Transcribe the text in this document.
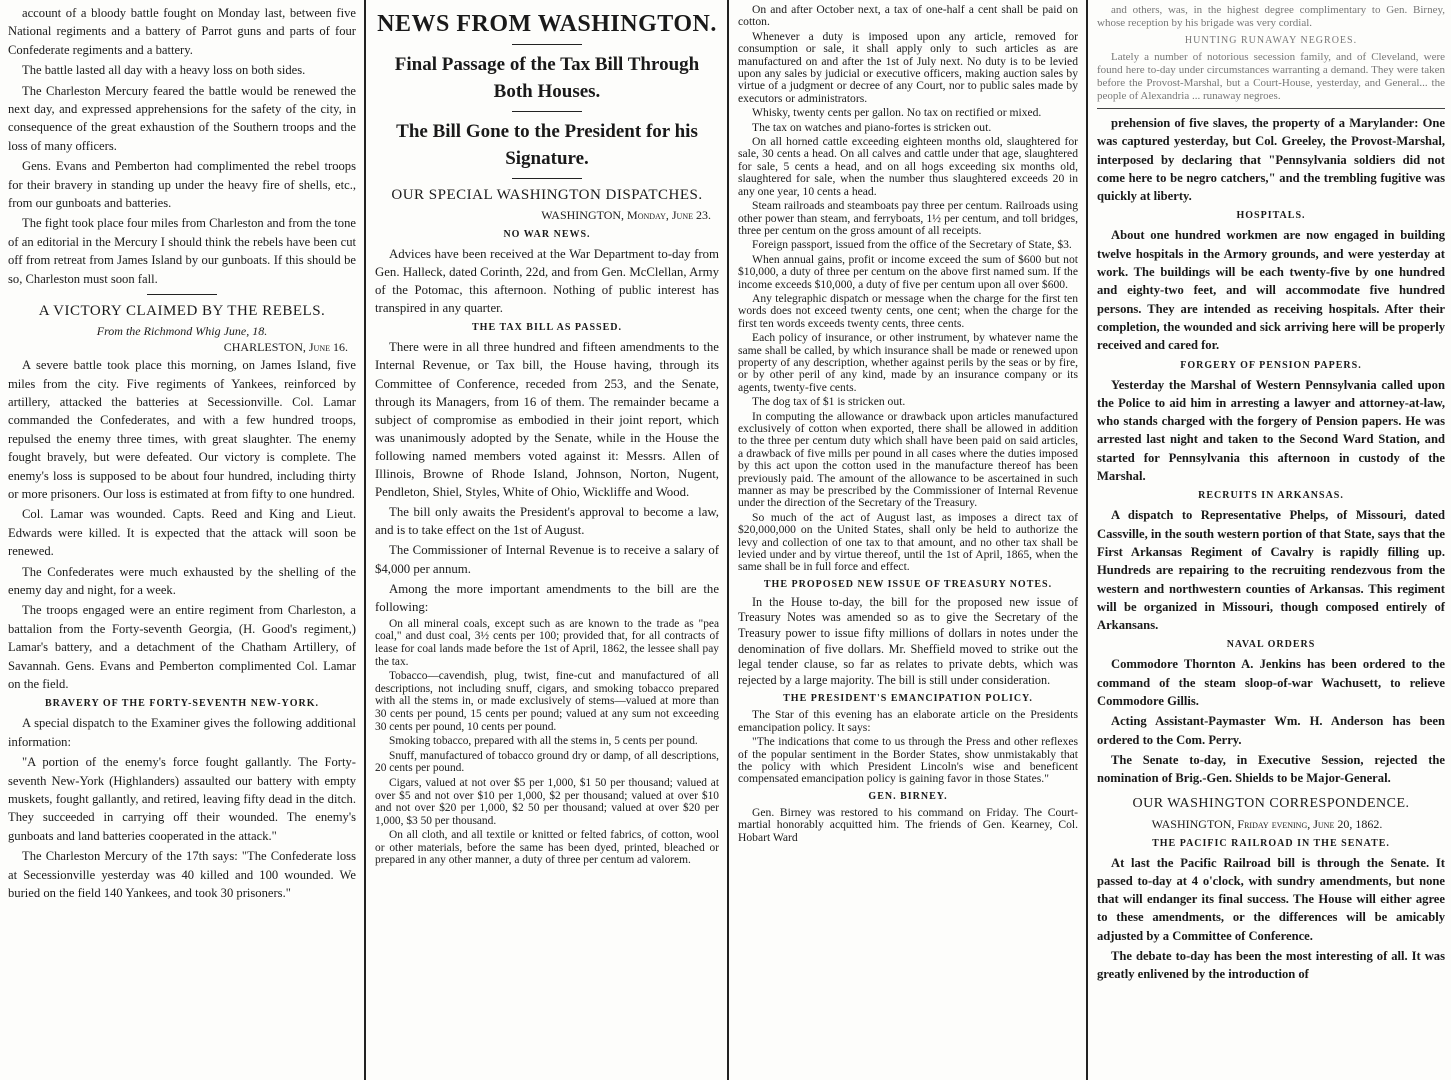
account of a bloody battle fought on Monday last, between five National regiments and a battery of Parrot guns and parts of four Confederate regiments and a battery.

The battle lasted all day with a heavy loss on both sides.

The Charleston Mercury feared the battle would be renewed the next day, and expressed apprehensions for the safety of the city, in consequence of the great exhaustion of the Southern troops and the loss of many officers.

Gens. Evans and Pemberton had complimented the rebel troops for their bravery in standing up under the heavy fire of shells, etc., from our gunboats and batteries.

The fight took place four miles from Charleston and from the tone of an editorial in the Mercury I should think the rebels have been cut off from retreat from James Island by our gunboats. If this should be so, Charleston must soon fall.

A VICTORY CLAIMED BY THE REBELS.
From the Richmond Whig June, 18.
CHARLESTON, June 16.

A severe battle took place this morning, on James Island, five miles from the city. Five regiments of Yankees, reinforced by artillery, attacked the batteries at Secessionville. Col. Lamar commanded the Confederates, and with a few hundred troops, repulsed the enemy three times, with great slaughter. The enemy fought bravely, but were defeated. Our victory is complete. The enemy's loss is supposed to be about four hundred, including thirty or more prisoners. Our loss is estimated at from fifty to one hundred.

Col. Lamar was wounded. Capts. Reed and King and Lieut. Edwards were killed. It is expected that the attack will soon be renewed.

The Confederates were much exhausted by the shelling of the enemy day and night, for a week.

The troops engaged were an entire regiment from Charleston, a battalion from the Forty-seventh Georgia, (H. Good's regiment,) Lamar's battery, and a detachment of the Chatham Artillery, of Savannah. Gens. Evans and Pemberton complimented Col. Lamar on the field.

BRAVERY OF THE FORTY-SEVENTH NEW-YORK.

A special dispatch to the Examiner gives the following additional information:

"A portion of the enemy's force fought gallantly. The Forty-seventh New-York (Highlanders) assaulted our battery with empty muskets, fought gallantly, and retired, leaving fifty dead in the ditch. They succeeded in carrying off their wounded. The enemy's gunboats and land batteries cooperated in the attack."

The Charleston Mercury of the 17th says: "The Confederate loss at Secessionville yesterday was 40 killed and 100 wounded. We buried on the field 140 Yankees, and took 30 prisoners."

NEWS FROM WASHINGTON.
Final Passage of the Tax Bill Through Both Houses.
The Bill Gone to the President for his Signature.
OUR SPECIAL WASHINGTON DISPATCHES.
WASHINGTON, Monday, June 23.
NO WAR NEWS.

Advices have been received at the War Department to-day from Gen. Halleck, dated Corinth, 22d, and from Gen. McClellan, Army of the Potomac, this afternoon. Nothing of public interest has transpired in any quarter.

THE TAX BILL AS PASSED.

There were in all three hundred and fifteen amendments to the Internal Revenue, or Tax bill, the House having, through its Committee of Conference, receded from 253, and the Senate, through its Managers, from 16 of them. The remainder became a subject of compromise as embodied in their joint report, which was unanimously adopted by the Senate, while in the House the following named members voted against it: Messrs. Allen of Illinois, Browne of Rhode Island, Johnson, Norton, Nugent, Pendleton, Shiel, Styles, White of Ohio, Wickliffe and Wood.

The bill only awaits the President's approval to become a law, and is to take effect on the 1st of August.

The Commissioner of Internal Revenue is to receive a salary of $4,000 per annum.

Among the more important amendments to the bill are the following:

On all mineral coals, except such as are known to the trade as "pea coal," and dust coal, 3½ cents per 100; provided that, for all contracts of lease for coal lands made before the 1st of April, 1862, the lessee shall pay the tax.

Tobacco—cavendish, plug, twist, fine-cut and manufactured of all descriptions, not including snuff, cigars, and smoking tobacco prepared with all the stems in, or made exclusively of stems—valued at more than 30 cents per pound, 15 cents per pound; valued at any sum not exceeding 30 cents per pound, 10 cents per pound.

Smoking tobacco, prepared with all the stems in, 5 cents per pound.

Snuff, manufactured of tobacco ground dry or damp, of all descriptions, 20 cents per pound.

Cigars, valued at not over $5 per 1,000, $1 50 per thousand; valued at over $5 and not over $10 per 1,000, $2 per thousand; valued at over $10 and not over $20 per 1,000, $2 50 per thousand; valued at over $20 per 1,000, $3 50 per thousand.

On all cloth, and all textile or knitted or felted fabrics, of cotton, wool or other materials, before the same has been dyed, printed, bleached or prepared in any other manner, a duty of three per centum ad valorem.

On and after October next, a tax of one-half a cent shall be paid on cotton.

Whenever a duty is imposed upon any article, removed for consumption or sale, it shall apply only to such articles as are manufactured on and after the 1st of July next. No duty is to be levied upon any sales by judicial or executive officers, making auction sales by virtue of a judgment or decree of any Court, nor to public sales made by executors or administrators.

Whisky, twenty cents per gallon. No tax on rectified or mixed.

The tax on watches and piano-fortes is stricken out.

On all horned cattle exceeding eighteen months old, slaughtered for sale, 30 cents a head. On all calves and cattle under that age, slaughtered for sale, 5 cents a head, and on all hogs exceeding six months old, slaughtered for sale, when the number thus slaughtered exceeds 20 in any one year, 10 cents a head.

Steam railroads and steamboats pay three per centum. Railroads using other power than steam, and ferryboats, 1½ per centum, and toll bridges, three per centum on the gross amount of all receipts.

Foreign passport, issued from the office of the Secretary of State, $3.

When annual gains, profit or income exceed the sum of $600 but not $10,000, a duty of three per centum on the above first named sum. If the income exceeds $10,000, a duty of five per centum upon all over $600.

Any telegraphic dispatch or message when the charge for the first ten words does not exceed twenty cents, one cent; when the charge for the first ten words exceeds twenty cents, three cents.

Each policy of insurance, or other instrument, by whatever name the same shall be called, by which insurance shall be made or renewed upon property of any description, whether against perils by the seas or by fire, or by other peril of any kind, made by an insurance company or its agents, twenty-five cents.

The dog tax of $1 is stricken out.

In computing the allowance or drawback upon articles manufactured exclusively of cotton when exported, there shall be allowed in addition to the three per centum duty which shall have been paid on said articles, a drawback of five mills per pound in all cases where the duties imposed by this act upon the cotton used in the manufacture thereof has been previously paid. The amount of the allowance to be ascertained in such manner as may be prescribed by the Commissioner of Internal Revenue under the direction of the Secretary of the Treasury.

So much of the act of August last, as imposes a direct tax of $20,000,000 on the United States, shall only be held to authorize the levy and collection of one tax to that amount, and no other tax shall be levied under and by virtue thereof, until the 1st of April, 1865, when the same shall be in full force and effect.

THE PROPOSED NEW ISSUE OF TREASURY NOTES.

In the House to-day, the bill for the proposed new issue of Treasury Notes was amended so as to give the Secretary of the Treasury power to issue fifty millions of dollars in notes under the denomination of five dollars. Mr. Sheffield moved to strike out the legal tender clause, so far as relates to private debts, which was rejected by a large majority. The bill is still under consideration.

THE PRESIDENT'S EMANCIPATION POLICY.

The Star of this evening has an elaborate article on the Presidents emancipation policy. It says:

"The indications that come to us through the Press and other reflexes of the popular sentiment in the Border States, show unmistakably that the policy with which President Lincoln's wise and beneficent compensated emancipation policy is gaining favor in those States."

GEN. BIRNEY.

Gen. Birney was restored to his command on Friday. The Court-martial honorably acquitted him. The friends of Gen. Kearney, Col. Hobart Ward

and others, was, in the highest degree complimentary to Gen. Birney, whose reception by his brigade was very cordial.

HUNTING RUNAWAY NEGROES.

Lately a number of notorious secession family, and of Cleveland, were found here to-day under circumstances warranting a demand. They were taken before the Provost-Marshal, but a Court-House, yesterday, and General... the people of Alexandria ... runaway negroes.

prehension of five slaves, the property of a Marylander: One was captured yesterday, but Col. Greeley, the Provost-Marshal, interposed by declaring that "Pennsylvania soldiers did not come here to be negro catchers," and the trembling fugitive was quickly at liberty.

HOSPITALS.

About one hundred workmen are now engaged in building twelve hospitals in the Armory grounds, and were yesterday at work. The buildings will be each twenty-five by one hundred and eighty-two feet, and will accommodate five hundred persons. They are intended as receiving hospitals. After their completion, the wounded and sick arriving here will be properly received and cared for.

FORGERY OF PENSION PAPERS.

Yesterday the Marshal of Western Pennsylvania called upon the Police to aid him in arresting a lawyer and attorney-at-law, who stands charged with the forgery of Pension papers. He was arrested last night and taken to the Second Ward Station, and started for Pennsylvania this afternoon in custody of the Marshal.

RECRUITS IN ARKANSAS.

A dispatch to Representative Phelps, of Missouri, dated Cassville, in the south western portion of that State, says that the First Arkansas Regiment of Cavalry is rapidly filling up. Hundreds are repairing to the recruiting rendezvous from the western and northwestern counties of Arkansas. This regiment will be organized in Missouri, though composed entirely of Arkansans.

NAVAL ORDERS

Commodore Thornton A. Jenkins has been ordered to the command of the steam sloop-of-war Wachusett, to relieve Commodore Gillis.

Acting Assistant-Paymaster Wm. H. Anderson has been ordered to the Com. Perry.

The Senate to-day, in Executive Session, rejected the nomination of Brig.-Gen. Shields to be Major-General.

OUR WASHINGTON CORRESPONDENCE.
WASHINGTON, Friday evening, June 20, 1862.
THE PACIFIC RAILROAD IN THE SENATE.

At last the Pacific Railroad bill is through the Senate. It passed to-day at 4 o'clock, with sundry amendments, but none that will endanger its final success. The House will either agree to these amendments, or the differences will be amicably adjusted by a Committee of Conference.

The debate to-day has been the most interesting of all. It was greatly enlivened by the introduction of
